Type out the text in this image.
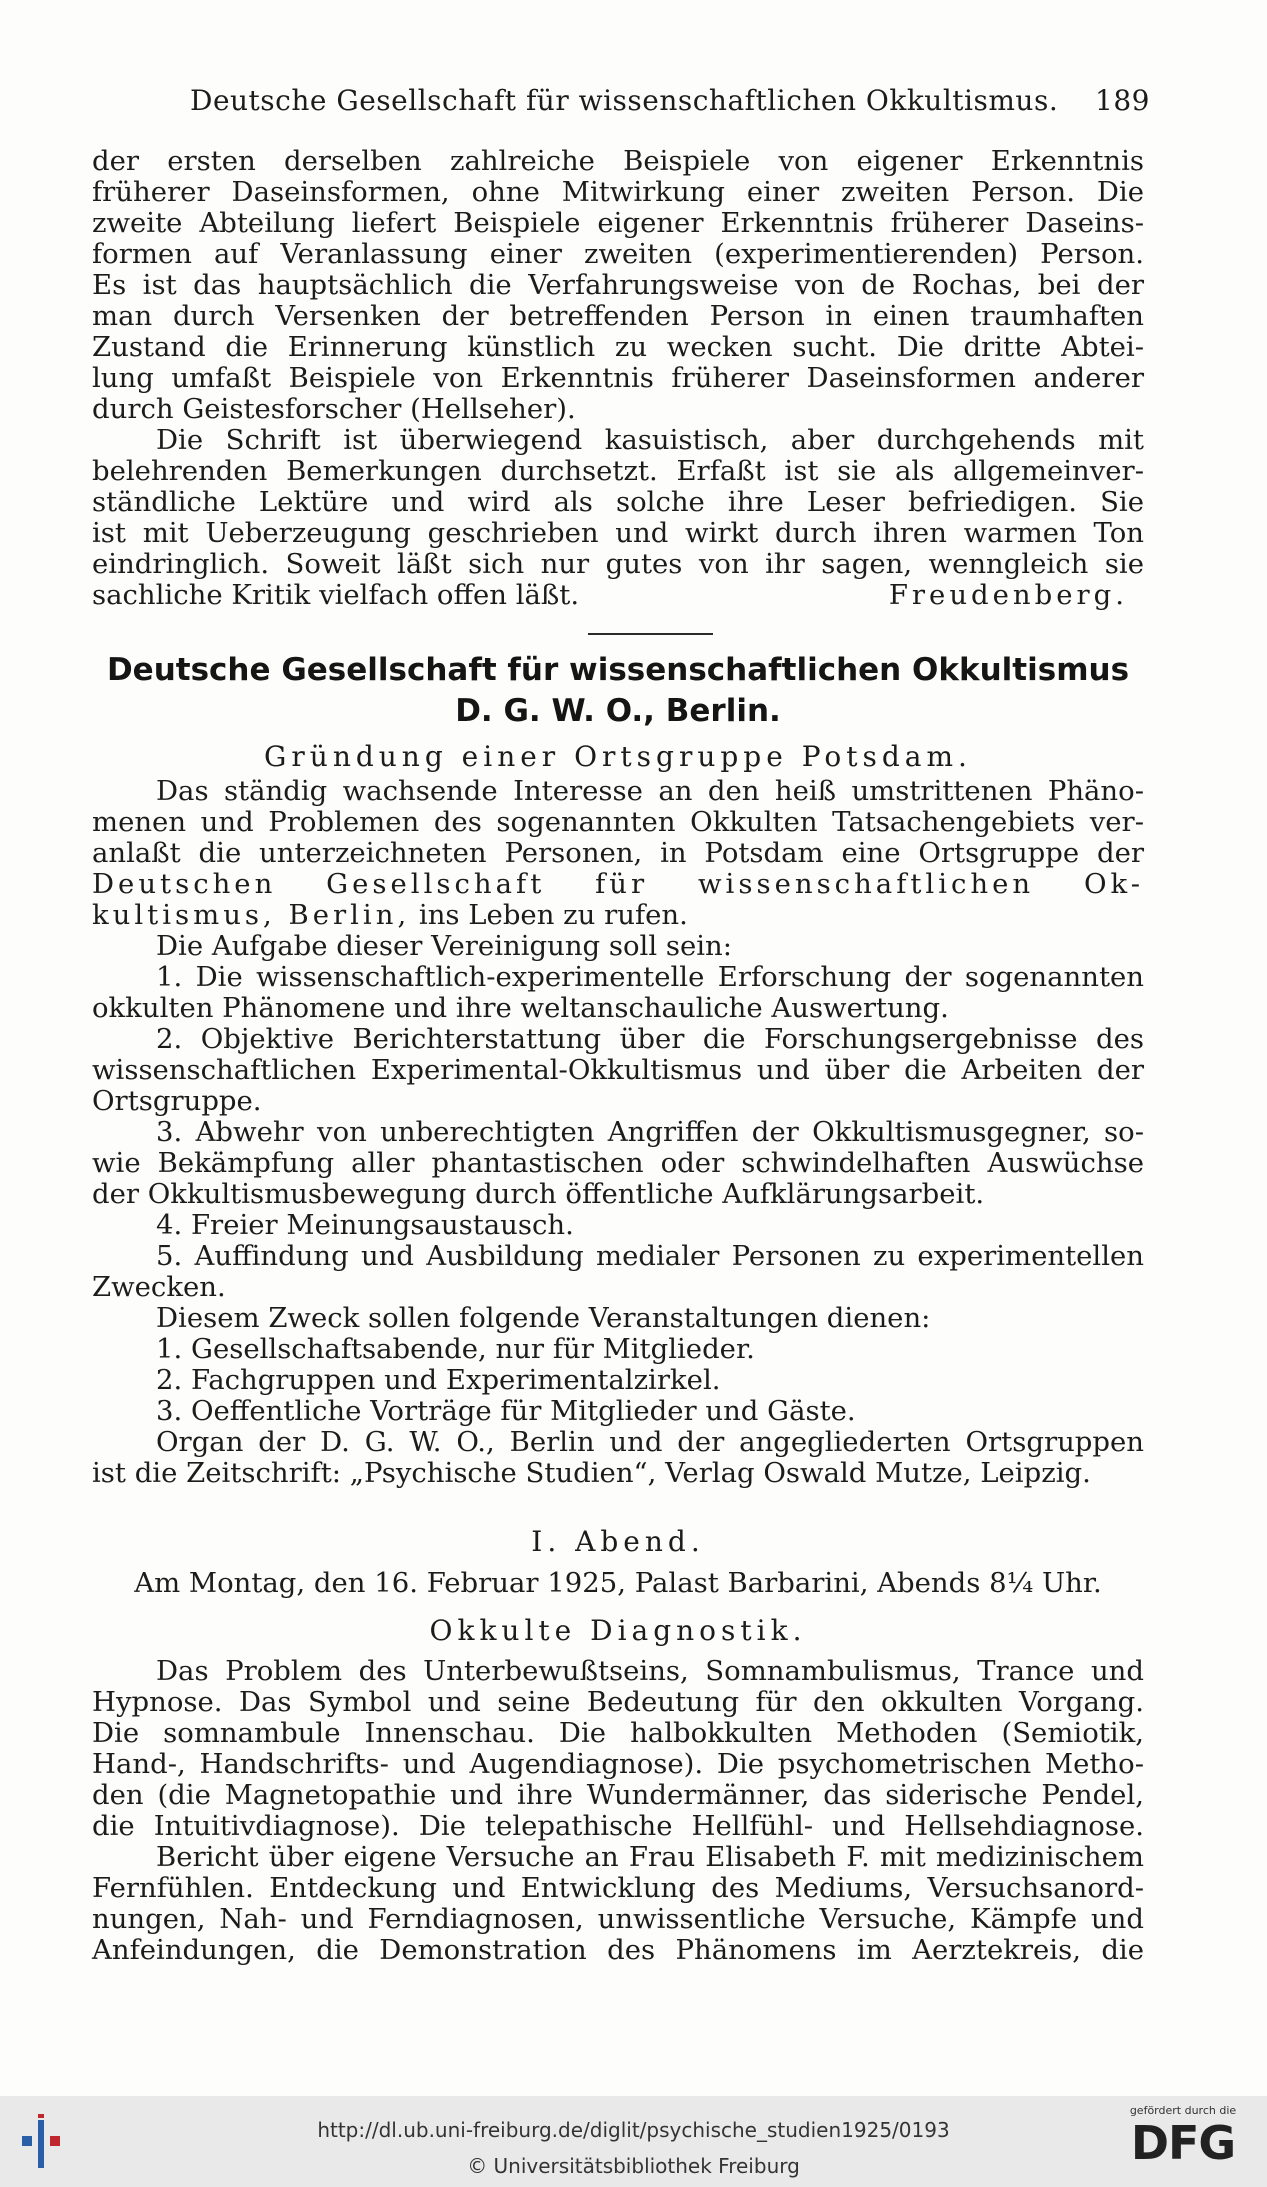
Deutsche Gesellschaft für wissenschaftlichen Okkultismus. 189
der ersten derselben zahlreiche Beispiele von eigener Erkenntnis
früherer Daseinsformen, ohne Mitwirkung einer zweiten Person. Die
zweite Abteilung liefert Beispiele eigener Erkenntnis früherer Daseins-
formen auf Veranlassung einer zweiten (experimentierenden) Person.
Es ist das hauptsächlich die Verfahrungsweise von de Rochas, bei der
man durch Versenken der betreffenden Person in einen traumhaften
Zustand die Erinnerung künstlich zu wecken sucht. Die dritte Abtei-
lung umfaßt Beispiele von Erkenntnis früherer Daseinsformen anderer
durch Geistesforscher (Hellseher).
Die Schrift ist überwiegend kasuistisch, aber durchgehends mit
belehrenden Bemerkungen durchsetzt. Erfaßt ist sie als allgemeinver-
ständliche Lektüre und wird als solche ihre Leser befriedigen. Sie
ist mit Ueberzeugung geschrieben und wirkt durch ihren warmen Ton
eindringlich. Soweit läßt sich nur gutes von ihr sagen, wenngleich sie
sachliche Kritik vielfach offen läßt.	Freudenberg.
Deutsche Gesellschaft für wissenschaftlichen Okkultismus
D. G. W. O., Berlin.
Gründung einer Ortsgruppe Potsdam.
Das ständig wachsende Interesse an den heiß umstrittenen Phäno-
menen und Problemen des sogenannten Okkulten Tatsachengebiets ver-
anlaßt die unterzeichneten Personen, in Potsdam eine Ortsgruppe der
Deutschen Gesellschaft für wissenschaftlichen Ok-
kultismus, Berlin, ins Leben zu rufen.
Die Aufgabe dieser Vereinigung soll sein:
1. Die wissenschaftlich-experimentelle Erforschung der sogenannten
okkulten Phänomene und ihre weltanschauliche Auswertung.
2. Objektive Berichterstattung über die Forschungsergebnisse des
wissenschaftlichen Experimental-Okkultismus und über die Arbeiten der
Ortsgruppe.
3. Abwehr von unberechtigten Angriffen der Okkultismusgegner, so-
wie Bekämpfung aller phantastischen oder schwindelhaften Auswüchse
der Okkultismusbewegung durch öffentliche Aufklärungsarbeit.
4. Freier Meinungsaustausch.
5. Auffindung und Ausbildung medialer Personen zu experimentellen
Zwecken.
Diesem Zweck sollen folgende Veranstaltungen dienen:
1. Gesellschaftsabende, nur für Mitglieder.
2. Fachgruppen und Experimentalzirkel.
3. Oeffentliche Vorträge für Mitglieder und Gäste.
Organ der D. G. W. O., Berlin und der angegliederten Ortsgruppen
ist die Zeitschrift: „Psychische Studien“, Verlag Oswald Mutze, Leipzig.
I. Abend.
Am Montag, den 16. Februar 1925, Palast Barbarini, Abends 8¼ Uhr.
Okkulte Diagnostik.
Das Problem des Unterbewußtseins, Somnambulismus, Trance und
Hypnose. Das Symbol und seine Bedeutung für den okkulten Vorgang.
Die somnambule Innenschau. Die halbokkulten Methoden (Semiotik,
Hand-, Handschrifts- und Augendiagnose). Die psychometrischen Metho-
den (die Magnetopathie und ihre Wundermänner, das siderische Pendel,
die Intuitivdiagnose). Die telepathische Hellfühl- und Hellsehdiagnose.
Bericht über eigene Versuche an Frau Elisabeth F. mit medizinischem
Fernfühlen. Entdeckung und Entwicklung des Mediums, Versuchsanord-
nungen, Nah- und Ferndiagnosen, unwissentliche Versuche, Kämpfe und
Anfeindungen, die Demonstration des Phänomens im Aerztekreis, die
http://dl.ub.uni-freiburg.de/diglit/psychische_studien1925/0193
© Universitätsbibliothek Freiburg
gefördert durch die
DFG
